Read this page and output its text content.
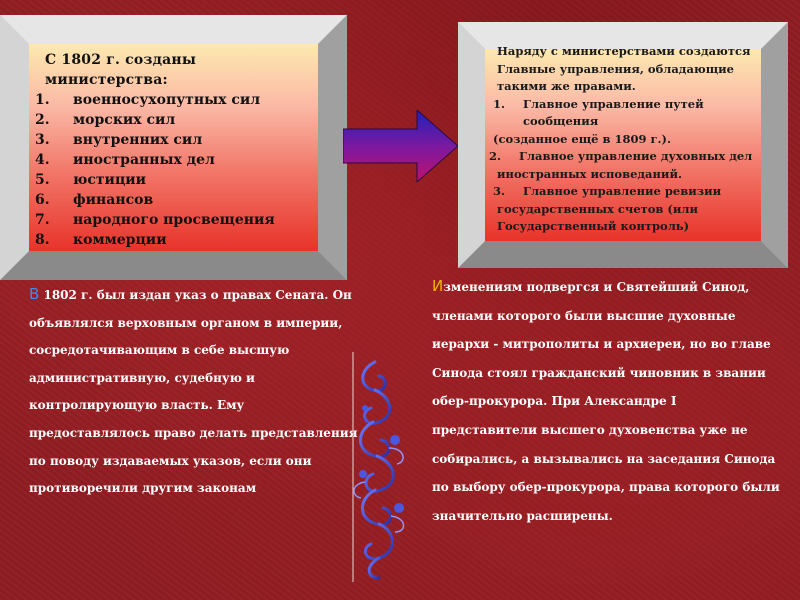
С 1802 г. созданы министерства:
1.	военносухопутных сил
2.	морских сил
3.	внутренних сил
4.	иностранных дел
5.	юстиции
6.	финансов
7.	народного просвещения
8.	коммерции
Наряду с министерствами создаются
Главные управления, обладающие
такими же правами.
1.	Главное управление путей
сообщения
(созданное ещё в 1809 г.).
2.	Главное управление духовных дел
иностранных исповеданий.
3.	Главное управление ревизии
государственных счетов (или
Государственный контроль)

В 1802 г. был издан указ о правах Сената. Он
объявлялся верховным органом в империи,
сосредотачивающим в себе высшую
административную, судебную и
контролирующую власть. Ему
предоставлялось право делать представления
по поводу издаваемых указов, если они
противоречили другим законам

Изменениям подвергся и Святейший Синод,
членами которого были высшие духовные
иерархи - митрополиты и архиереи, но во главе
Синода стоял гражданский чиновник в звании
обер-прокурора. При Александре I
представители высшего духовенства уже не
собирались, а вызывались на заседания Синода
по выбору обер-прокурора, права которого были
значительно расширены.
